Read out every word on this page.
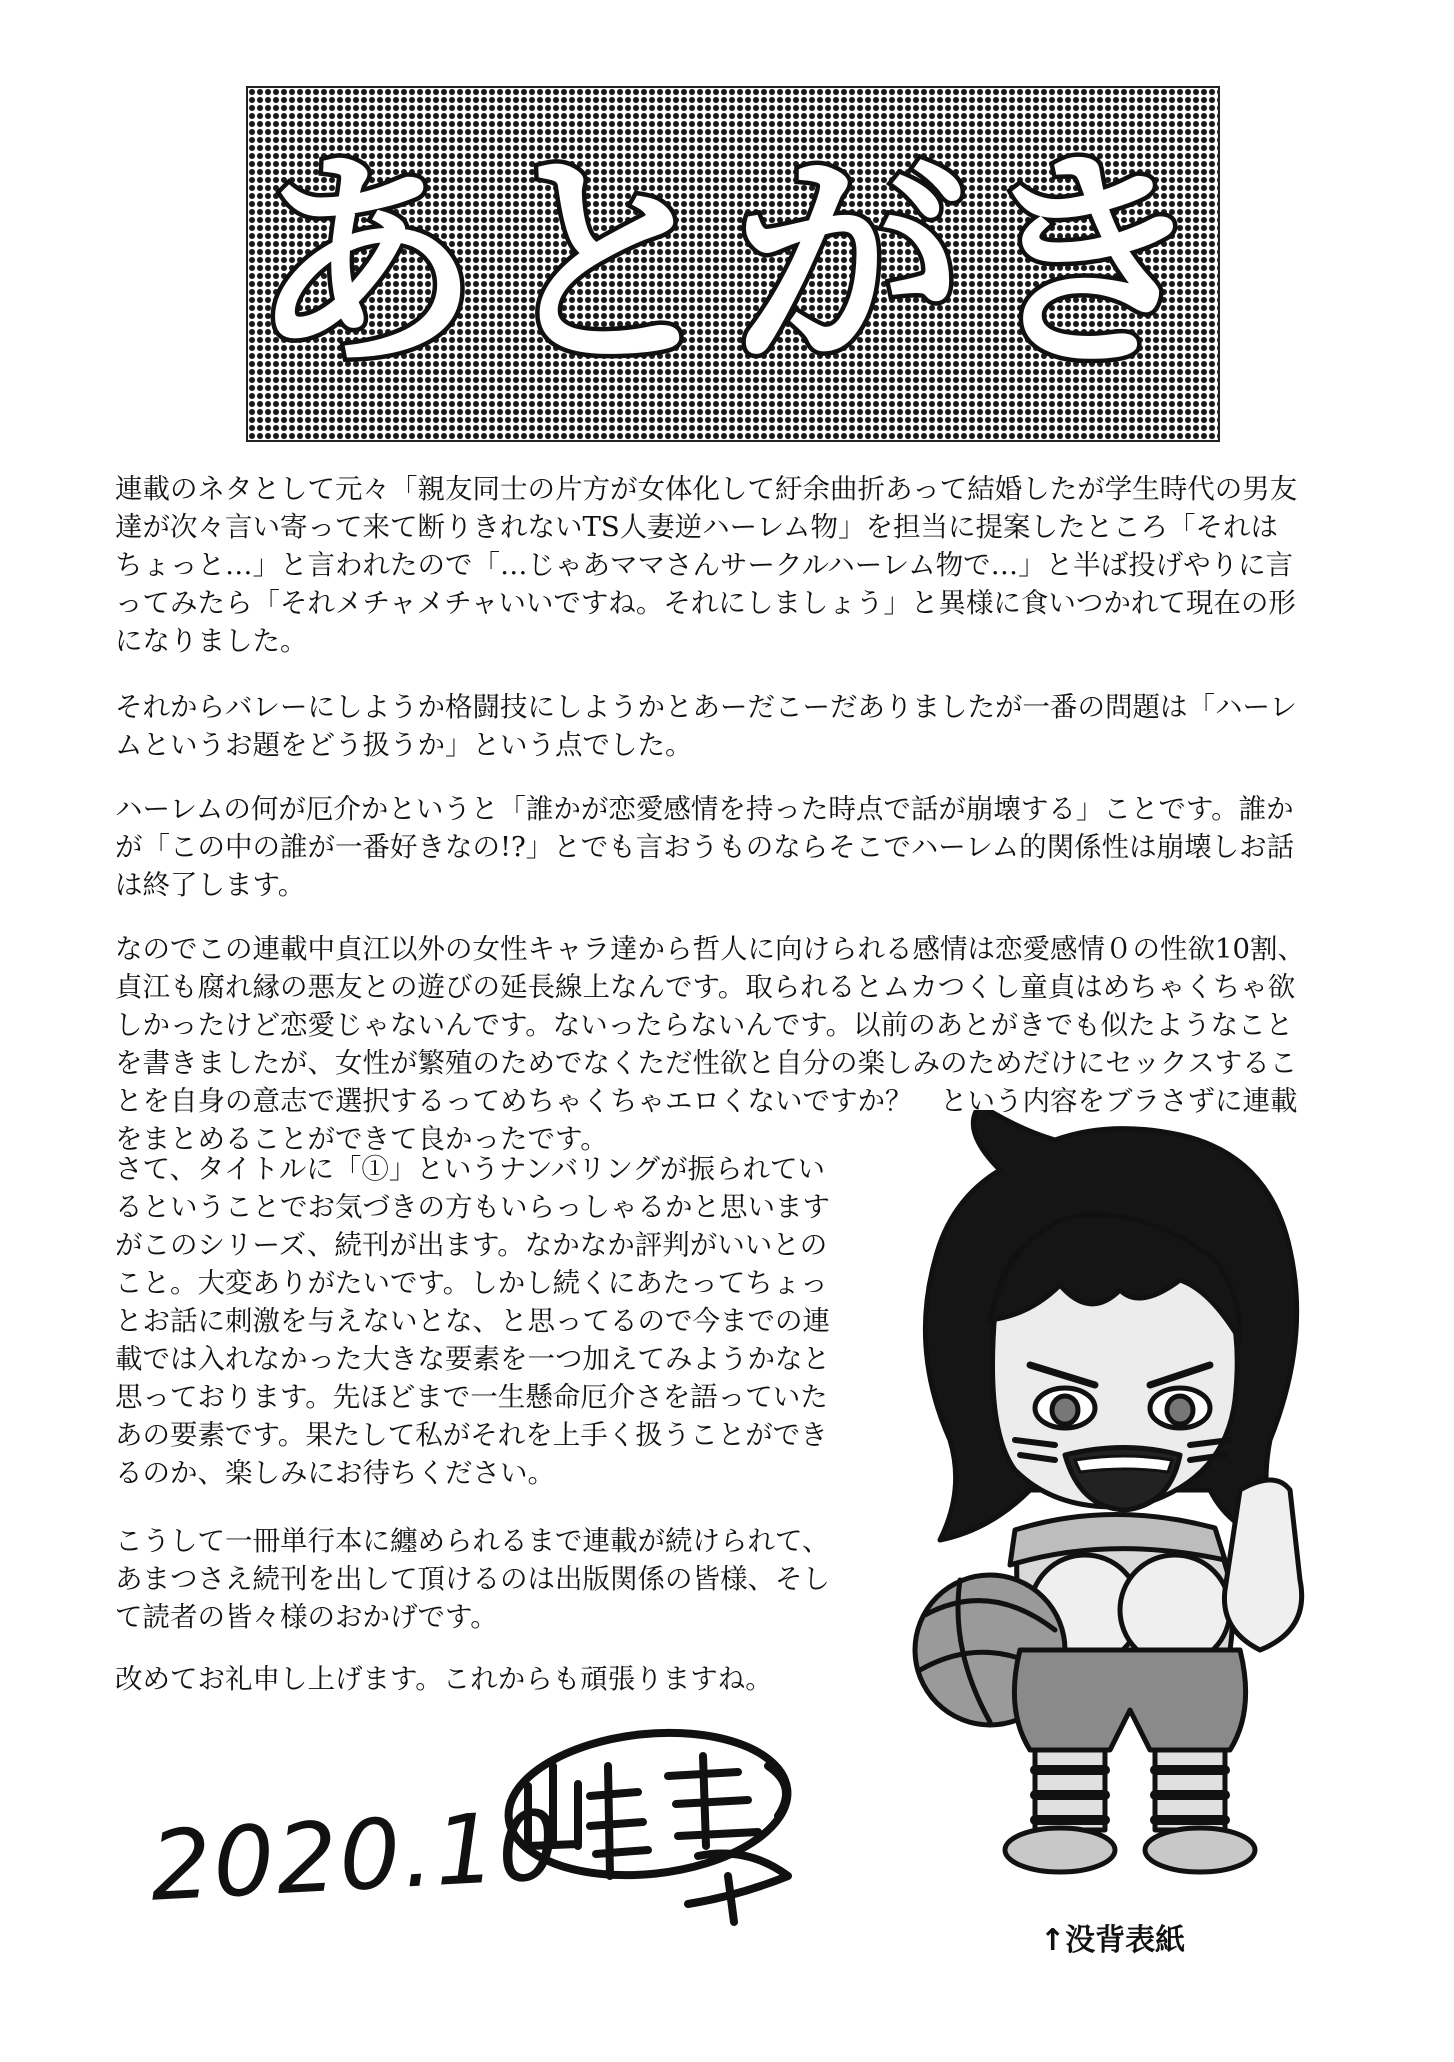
あとがき
連載のネタとして元々「親友同士の片方が女体化して紆余曲折あって結婚したが学生時代の男友
達が次々言い寄って来て断りきれないTS人妻逆ハーレム物」を担当に提案したところ「それは
ちょっと…」と言われたので「…じゃあママさんサークルハーレム物で…」と半ば投げやりに言
ってみたら「それメチャメチャいいですね。それにしましょう」と異様に食いつかれて現在の形
になりました。
それからバレーにしようか格闘技にしようかとあーだこーだありましたが一番の問題は「ハーレ
ムというお題をどう扱うか」という点でした。
ハーレムの何が厄介かというと「誰かが恋愛感情を持った時点で話が崩壊する」ことです。誰か
が「この中の誰が一番好きなの!?」とでも言おうものならそこでハーレム的関係性は崩壊しお話
は終了します。
なのでこの連載中貞江以外の女性キャラ達から哲人に向けられる感情は恋愛感情０の性欲10割、
貞江も腐れ縁の悪友との遊びの延長線上なんです。取られるとムカつくし童貞はめちゃくちゃ欲
しかったけど恋愛じゃないんです。ないったらないんです。以前のあとがきでも似たようなこと
を書きましたが、女性が繁殖のためでなくただ性欲と自分の楽しみのためだけにセックスするこ
とを自身の意志で選択するってめちゃくちゃエロくないですか？　という内容をブラさずに連載
をまとめることができて良かったです。
さて、タイトルに「①」というナンバリングが振られてい
るということでお気づきの方もいらっしゃるかと思います
がこのシリーズ、続刊が出ます。なかなか評判がいいとの
こと。大変ありがたいです。しかし続くにあたってちょっ
とお話に刺激を与えないとな、と思ってるので今までの連
載では入れなかった大きな要素を一つ加えてみようかなと
思っております。先ほどまで一生懸命厄介さを語っていた
あの要素です。果たして私がそれを上手く扱うことができ
るのか、楽しみにお待ちください。
こうして一冊単行本に纏められるまで連載が続けられて、
あまつさえ続刊を出して頂けるのは出版関係の皆様、そし
て読者の皆々様のおかげです。
改めてお礼申し上げます。これからも頑張りますね。
2020.10
↑没背表紙
